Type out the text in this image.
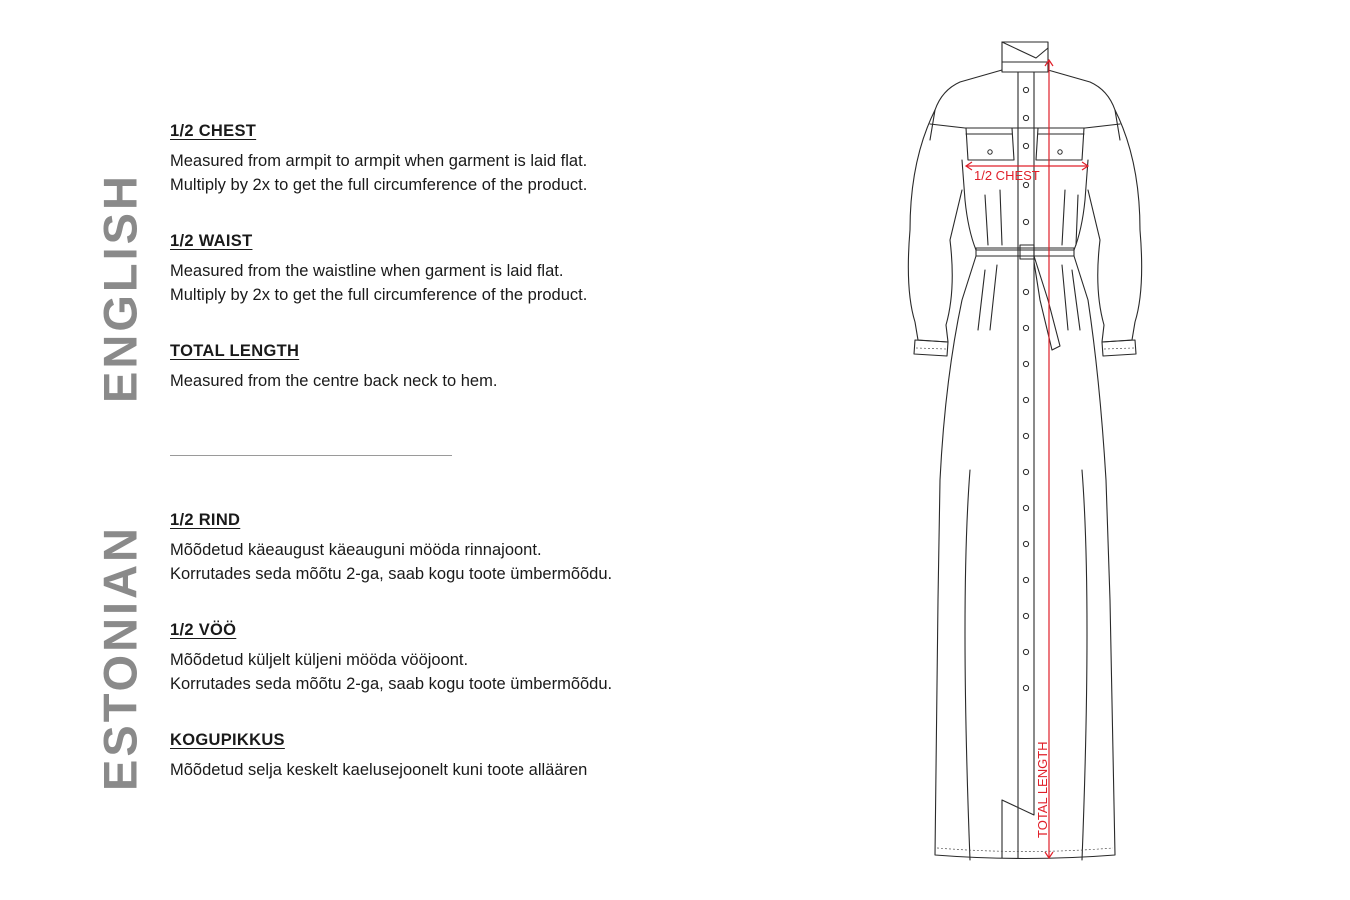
ENGLISH
ESTONIAN
1/2 CHEST

Measured from armpit to armpit when garment is laid flat.

Multiply by 2x to get the full circumference of the product.

1/2 WAIST

Measured from the waistline when garment is laid flat.

Multiply by 2x to get the full circumference of the product.

TOTAL LENGTH

Measured from the centre back neck to hem.

1/2 RIND

Mõõdetud käeaugust käeauguni mööda rinnajoont.

Korrutades seda mõõtu 2-ga, saab kogu toote ümbermõõdu.

1/2 VÖÖ

Mõõdetud küljelt küljeni mööda vööjoont.

Korrutades seda mõõtu 2-ga, saab kogu toote ümbermõõdu.

KOGUPIKKUS

Mõõdetud selja keskelt kaelusejoonelt kuni toote alläären

1/2 CHEST
TOTAL LENGTH
